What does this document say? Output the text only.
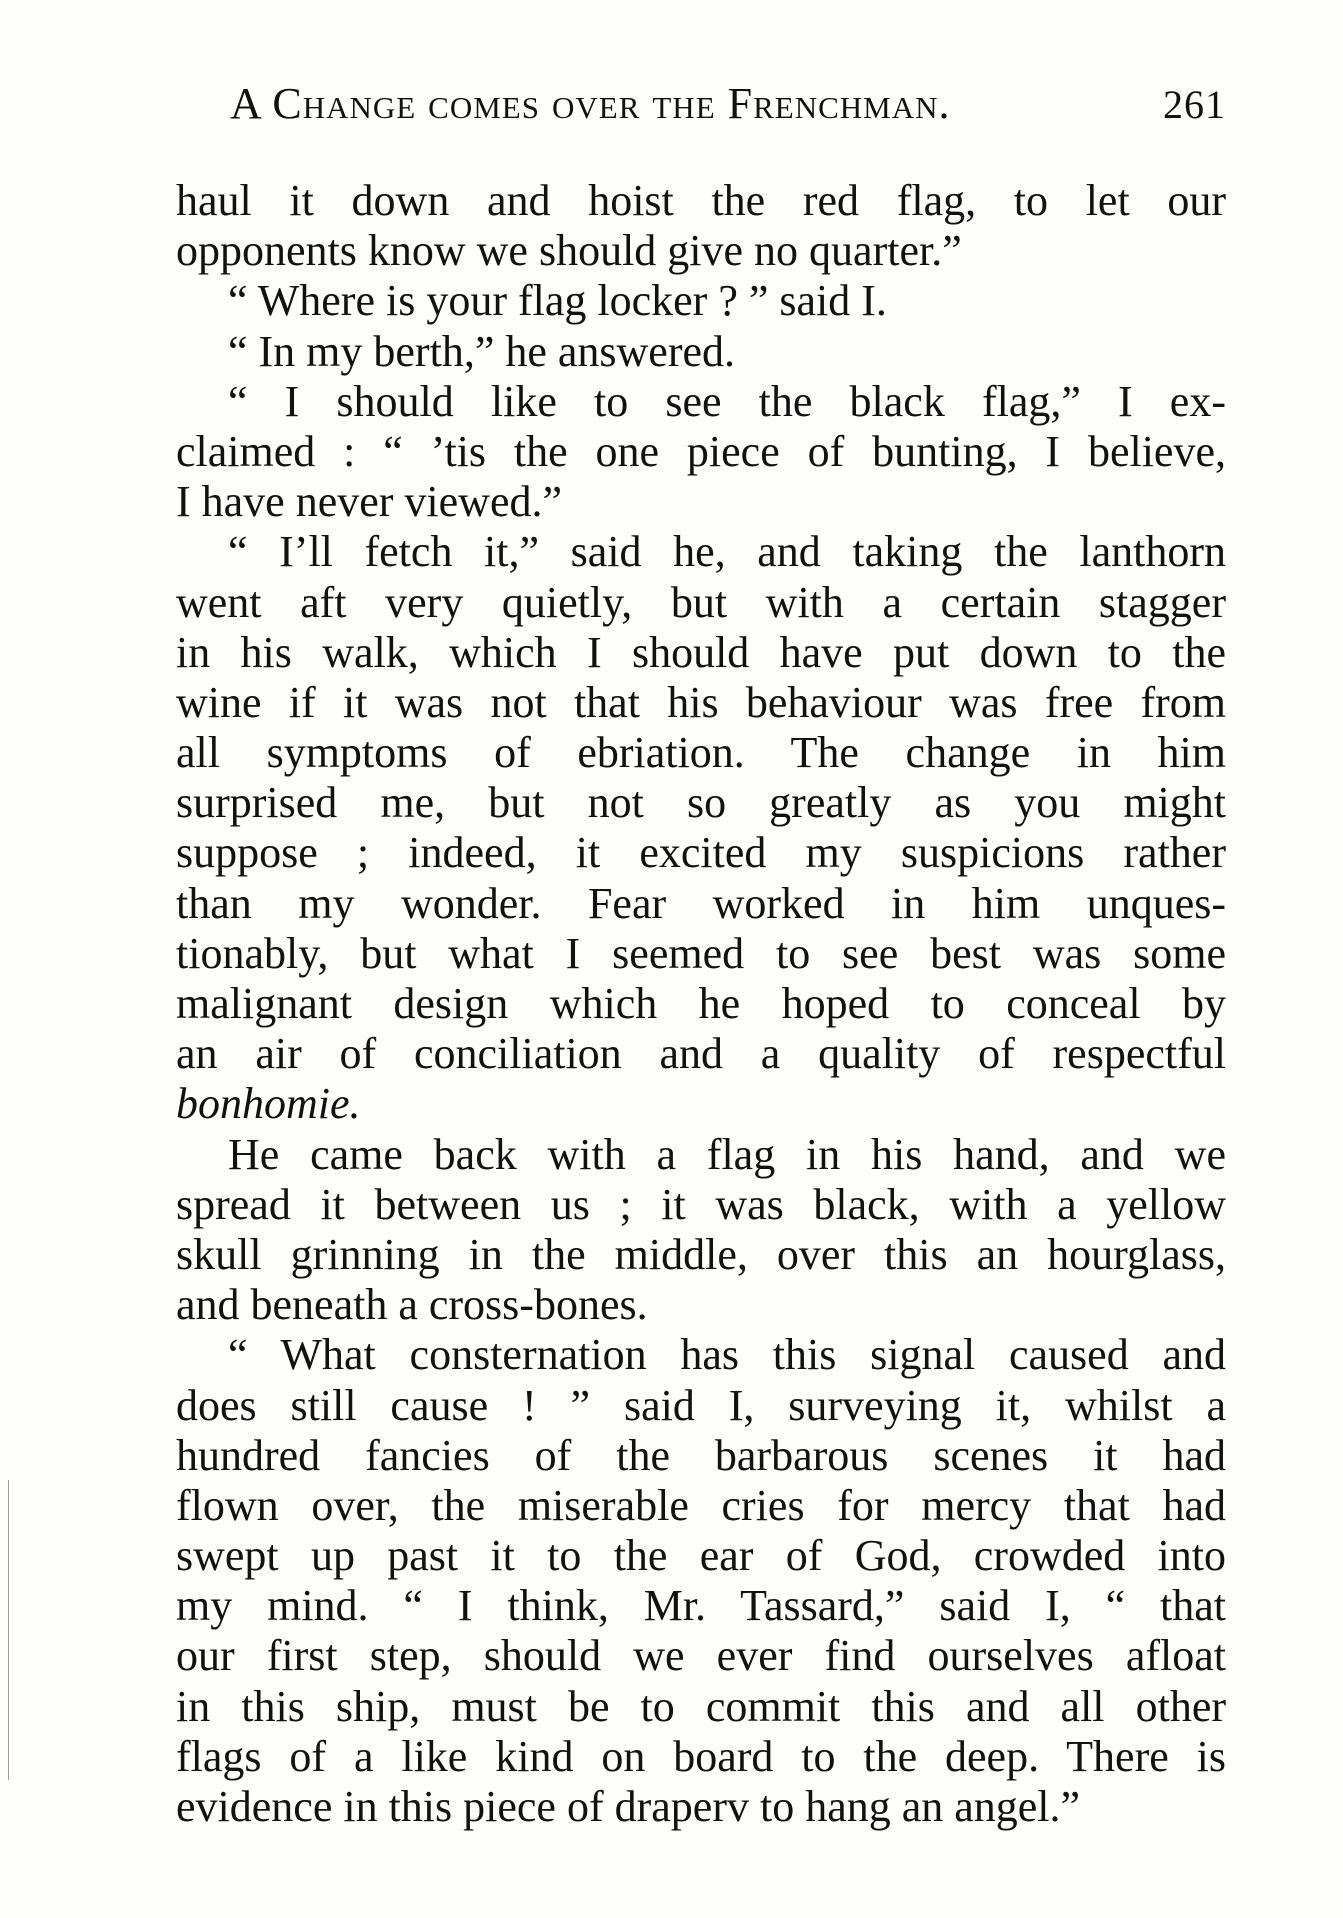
A Change comes over the Frenchman.	261
haul it down and hoist the red flag, to let our
opponents know we should give no quarter.”
“ Where is your flag locker ? ” said I.
“ In my berth,” he answered.
“ I should like to see the black flag,” I ex-
claimed : “ ’tis the one piece of bunting, I believe,
I have never viewed.”
“ I’ll fetch it,” said he, and taking the lanthorn
went aft very quietly, but with a certain stagger
in his walk, which I should have put down to the
wine if it was not that his behaviour was free from
all symptoms of ebriation. The change in him
surprised me, but not so greatly as you might
suppose ; indeed, it excited my suspicions rather
than my wonder. Fear worked in him unques-
tionably, but what I seemed to see best was some
malignant design which he hoped to conceal by
an air of conciliation and a quality of respectful
bonhomie.
He came back with a flag in his hand, and we
spread it between us ; it was black, with a yellow
skull grinning in the middle, over this an hourglass,
and beneath a cross-bones.
“ What consternation has this signal caused and
does still cause ! ” said I, surveying it, whilst a
hundred fancies of the barbarous scenes it had
flown over, the miserable cries for mercy that had
swept up past it to the ear of God, crowded into
my mind. “ I think, Mr. Tassard,” said I, “ that
our first step, should we ever find ourselves afloat
in this ship, must be to commit this and all other
flags of a like kind on board to the deep. There is
evidence in this piece of draperv to hang an angel.”
